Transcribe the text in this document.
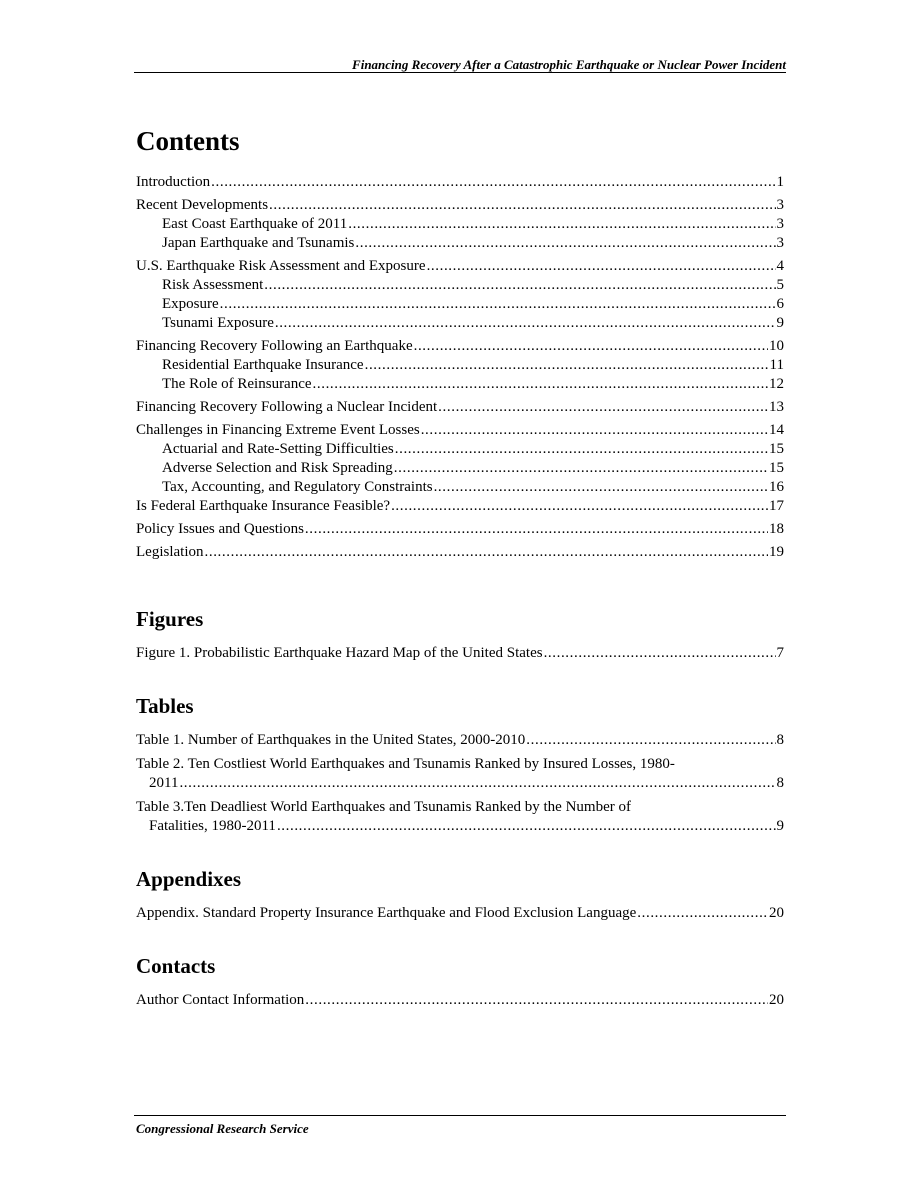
Financing Recovery After a Catastrophic Earthquake or Nuclear Power Incident
Contents
Introduction .....	1
Recent Developments .....	3
East Coast Earthquake of 2011 .....	3
Japan Earthquake and Tsunamis .....	3
U.S. Earthquake Risk Assessment and Exposure .....	4
Risk Assessment .....	5
Exposure .....	6
Tsunami Exposure .....	9
Financing Recovery Following an Earthquake .....	10
Residential Earthquake Insurance .....	11
The Role of Reinsurance .....	12
Financing Recovery Following a Nuclear Incident .....	13
Challenges in Financing Extreme Event Losses .....	14
Actuarial and Rate-Setting Difficulties .....	15
Adverse Selection and Risk Spreading .....	15
Tax, Accounting, and Regulatory Constraints .....	16
Is Federal Earthquake Insurance Feasible? .....	17
Policy Issues and Questions .....	18
Legislation .....	19
Figures
Figure 1. Probabilistic Earthquake Hazard Map of the United States .....	7
Tables
Table 1. Number of Earthquakes in the United States, 2000-2010 .....	8
Table 2. Ten Costliest World Earthquakes and Tsunamis Ranked by Insured Losses, 1980-
2011 .....	8
Table 3.Ten Deadliest World Earthquakes and Tsunamis Ranked by the Number of
Fatalities, 1980-2011 .....	9
Appendixes
Appendix. Standard Property Insurance Earthquake and Flood Exclusion Language .....	20
Contacts
Author Contact Information .....	20
Congressional Research Service
